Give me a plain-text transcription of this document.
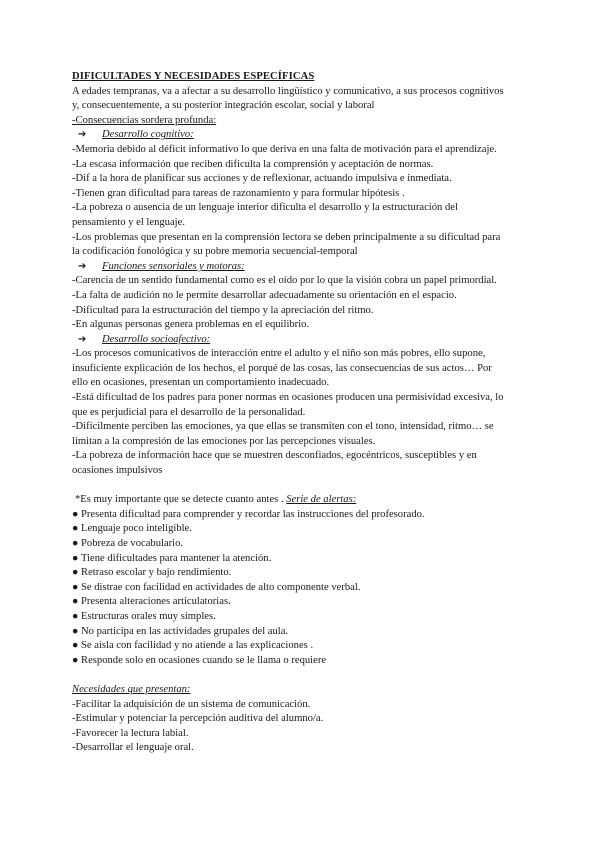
DIFICULTADES Y NECESIDADES ESPECÍFICAS
A edades tempranas, va a afectar a su desarrollo lingüístico y comunicativo, a sus procesos cognitivos
y, consecuentemente, a su posterior integración escolar, social y laboral
-Consecuencias sordera profunda:
➔ Desarrollo cognitivo:
-Memoria debido al déficit informativo lo que deriva en una falta de motivación para el aprendizaje.
-La escasa información que reciben dificulta la comprensión y aceptación de normas.
-Dif a la hora de planificar sus acciones y de reflexionar, actuando impulsiva e inmediata.
-Tienen gran dificultad para tareas de razonamiento y para formular hipótesis .
-La pobreza o ausencia de un lenguaje interior dificulta el desarrollo y la estructuración del
pensamiento y el lenguaje.
-Los problemas que presentan en la comprensión lectora se deben principalmente a su dificultad para
la codificación fonológica y su pobre memoria secuencial-temporal
➔ Funciones sensoriales y motoras:
-Carencia de un sentido fundamental como es el oído por lo que la visión cobra un papel primordial.
-La falta de audición no le permite desarrollar adecuadamente su orientación en el espacio.
-Dificultad para la estructuración del tiempo y la apreciación del ritmo.
-En algunas personas genera problemas en el equilibrio.
➔ Desarrollo socioafectivo:
-Los procesos comunicativos de interacción entre el adulto y el niño son más pobres, ello supone,
insuficiente explicación de los hechos, el porqué de las cosas, las consecuencias de sus actos… Por
ello en ocasiones, presentan un comportamiento inadecuado.
-Está dificultad de los padres para poner normas en ocasiones producen una permisividad excesiva, lo
que es perjudicial para el desarrollo de la personalidad.
-Difícilmente perciben las emociones, ya que ellas se transmiten con el tono, intensidad, ritmo… se
limitan a la compresión de las emociones por las percepciones visuales.
-La pobreza de información hace que se muestren desconfiados, egocéntricos, susceptibles y en
ocasiones impulsivos
*Es muy importante que se detecte cuanto antes . Serie de alertas:
● Presenta dificultad para comprender y recordar las instrucciones del profesorado.
● Lenguaje poco inteligible.
● Pobreza de vocabulario.
● Tiene dificultades para mantener la atención.
● Retraso escolar y bajo rendimiento.
● Se distrae con facilidad en actividades de alto componente verbal.
● Presenta alteraciones articulatorias.
● Estructuras orales muy simples.
● No participa en las actividades grupales del aula.
● Se aísla con facilidad y no atiende a las explicaciones .
● Responde solo en ocasiones cuando se le llama o requiere
Necesidades que presentan:
-Facilitar la adquisición de un sistema de comunicación.
-Estimular y potenciar la percepción auditiva del alumno/a.
-Favorecer la lectura labial.
-Desarrollar el lenguaje oral.
